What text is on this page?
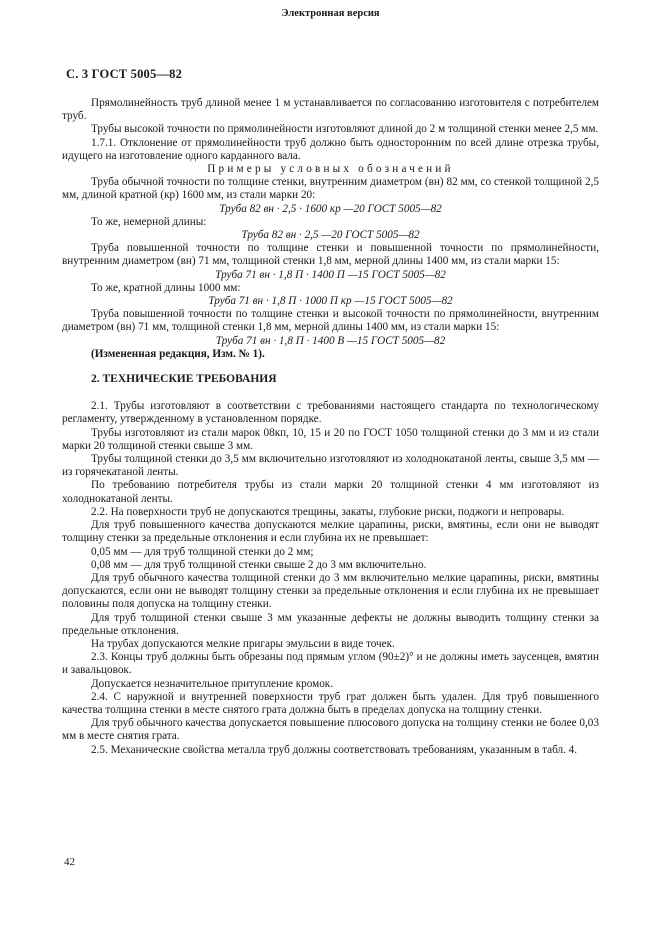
Электронная версия
С. 3 ГОСТ 5005—82

Прямолинейность труб длиной менее 1 м устанавливается по согласованию изготовителя с потребителем труб.

Трубы высокой точности по прямолинейности изготовляют длиной до 2 м толщиной стенки менее 2,5 мм.

1.7.1. Отклонение от прямолинейности труб должно быть односторонним по всей длине отрезка трубы, идущего на изготовление одного карданного вала.

Примеры условных обозначений

Труба обычной точности по толщине стенки, внутренним диаметром (вн) 82 мм, со стенкой толщиной 2,5 мм, длиной кратной (кр) 1600 мм, из стали марки 20:

Труба 82 вн · 2,5 · 1600 кр —20 ГОСТ 5005—82

То же, немерной длины:

Труба 82 вн · 2,5 —20 ГОСТ 5005—82

Труба повышенной точности по толщине стенки и повышенной точности по прямолинейности, внутренним диаметром (вн) 71 мм, толщиной стенки 1,8 мм, мерной длины 1400 мм, из стали марки 15:

Труба 71 вн · 1,8 П · 1400 П —15 ГОСТ 5005—82

То же, кратной длины 1000 мм:

Труба 71 вн · 1,8 П · 1000 П кр —15 ГОСТ 5005—82

Труба повышенной точности по толщине стенки и высокой точности по прямолинейности, внутренним диаметром (вн) 71 мм, толщиной стенки 1,8 мм, мерной длины 1400 мм, из стали марки 15:

Труба 71 вн · 1,8 П · 1400 В —15 ГОСТ 5005—82

(Измененная редакция, Изм. № 1).

2. ТЕХНИЧЕСКИЕ ТРЕБОВАНИЯ

2.1. Трубы изготовляют в соответствии с требованиями настоящего стандарта по технологическому регламенту, утвержденному в установленном порядке.

Трубы изготовляют из стали марок 08кп, 10, 15 и 20 по ГОСТ 1050 толщиной стенки до 3 мм и из стали марки 20 толщиной стенки свыше 3 мм.

Трубы толщиной стенки до 3,5 мм включительно изготовляют из холоднокатаной ленты, свыше 3,5 мм — из горячекатаной ленты.

По требованию потребителя трубы из стали марки 20 толщиной стенки 4 мм изготовляют из холоднокатаной ленты.

2.2. На поверхности труб не допускаются трещины, закаты, глубокие риски, поджоги и непровары.

Для труб повышенного качества допускаются мелкие царапины, риски, вмятины, если они не выводят толщину стенки за предельные отклонения и если глубина их не превышает:

0,05 мм — для труб толщиной стенки до 2 мм;

0,08 мм — для труб толщиной стенки свыше 2 до 3 мм включительно.

Для труб обычного качества толщиной стенки до 3 мм включительно мелкие царапины, риски, вмятины допускаются, если они не выводят толщину стенки за предельные отклонения и если глубина их не превышает половины поля допуска на толщину стенки.

Для труб толщиной стенки свыше 3 мм указанные дефекты не должны выводить толщину стенки за предельные отклонения.

На трубах допускаются мелкие пригары эмульсии в виде точек.

2.3. Концы труб должны быть обрезаны под прямым углом (90±2)° и не должны иметь заусенцев, вмятин и завальцовок.

Допускается незначительное притупление кромок.

2.4. С наружной и внутренней поверхности труб грат должен быть удален. Для труб повышенного качества толщина стенки в месте снятого грата должна быть в пределах допуска на толщину стенки.

Для труб обычного качества допускается повышение плюсового допуска на толщину стенки не более 0,03 мм в месте снятия грата.

2.5. Механические свойства металла труб должны соответствовать требованиям, указанным в табл. 4.

42
